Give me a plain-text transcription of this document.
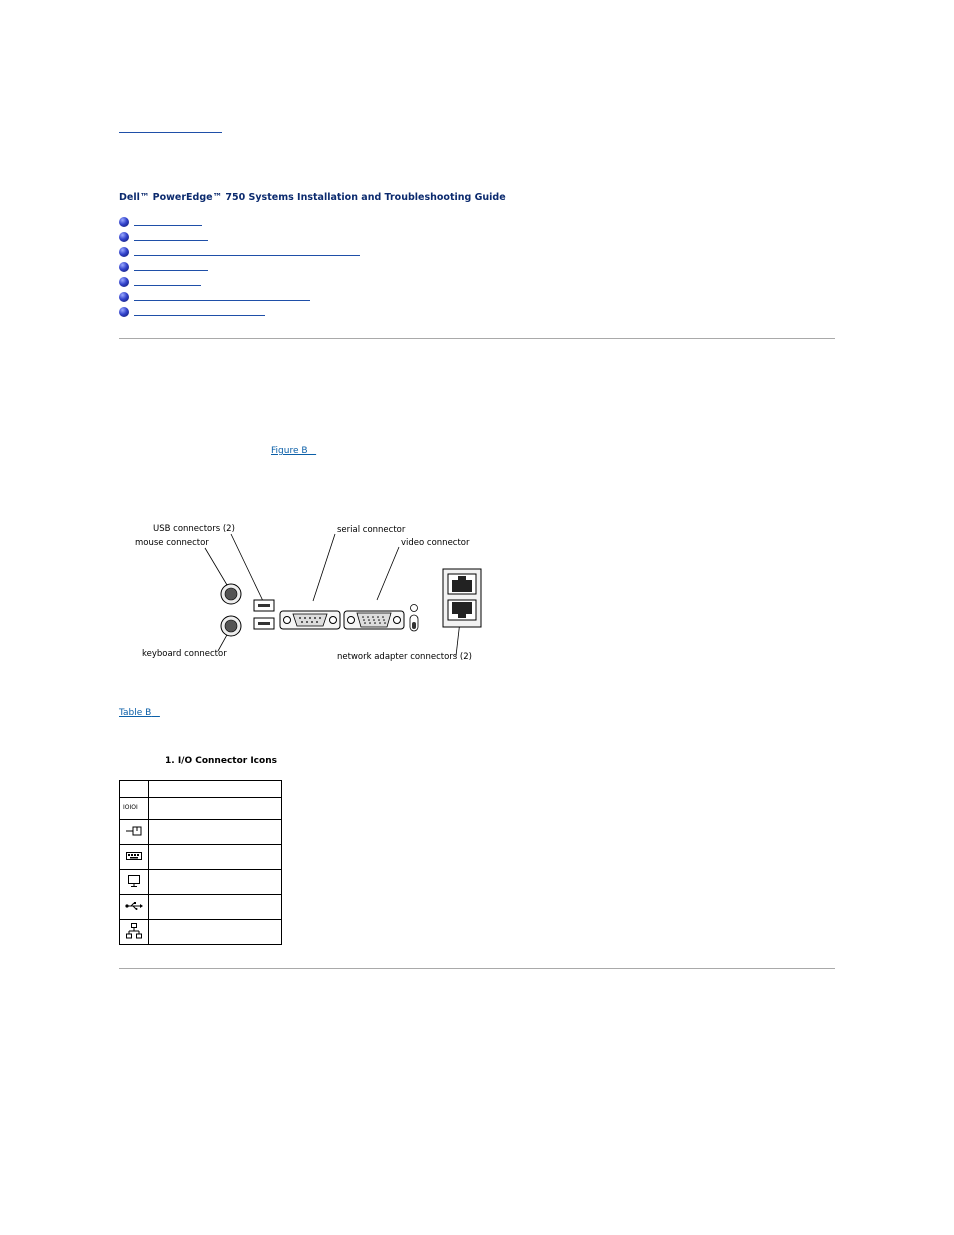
Dell™ PowerEdge™ 750 Systems Installation and Troubleshooting Guide
Figure B
USB connectors (2)
mouse connector
serial connector
video connector
keyboard connector	network adapter connectors (2)
Table B
1. I/O Connector Icons

IOIOI	
